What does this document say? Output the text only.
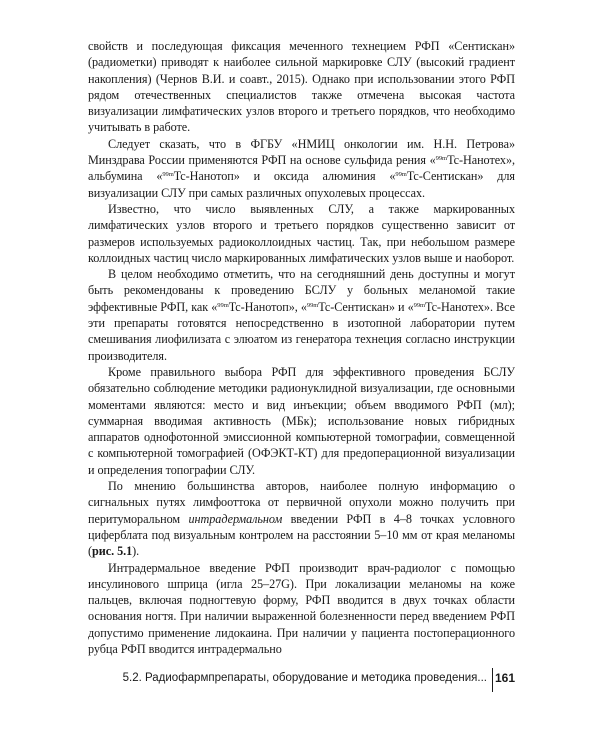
свойств и последующая фиксация меченного технецием РФП «Сентискан» (радиометки) приводят к наиболее сильной маркировке СЛУ (высокий градиент накопления) (Чернов В.И. и соавт., 2015). Однако при использовании этого РФП рядом отечественных специалистов также отмечена высокая частота визуализации лимфатических узлов второго и третьего порядков, что необходимо учитывать в работе.

Следует сказать, что в ФГБУ «НМИЦ онкологии им. Н.Н. Петрова» Минздрава России применяются РФП на основе сульфида рения «$^{99m}$Tc-Нанотех», альбумина «$^{99m}$Tc-Нанотоп» и оксида алюминия «$^{99m}$Tc-Сентискан» для визуализации СЛУ при самых различных опухолевых процессах.

Известно, что число выявленных СЛУ, а также маркированных лимфатических узлов второго и третьего порядков существенно зависит от размеров используемых радиоколлоидных частиц. Так, при небольшом размере коллоидных частиц число маркированных лимфатических узлов выше и наоборот.

В целом необходимо отметить, что на сегодняшний день доступны и могут быть рекомендованы к проведению БСЛУ у больных меланомой такие эффективные РФП, как «$^{99m}$Tc-Нанотоп», «$^{99m}$Tc-Сентискан» и «$^{99m}$Tc-Нанотех». Все эти препараты готовятся непосредственно в изотопной лаборатории путем смешивания лиофилизата с элюатом из генератора технеция согласно инструкции производителя.

Кроме правильного выбора РФП для эффективного проведения БСЛУ обязательно соблюдение методики радионуклидной визуализации, где основными моментами являются: место и вид инъекции; объем вводимого РФП (мл); суммарная вводимая активность (МБк); использование новых гибридных аппаратов однофотонной эмиссионной компьютерной томографии, совмещенной с компьютерной томографией (ОФЭКТ-КТ) для предоперационной визуализации и определения топографии СЛУ.

По мнению большинства авторов, наиболее полную информацию о сигнальных путях лимфооттока от первичной опухоли можно получить при перитуморальном интрадермальном введении РФП в 4–8 точках условного циферблата под визуальным контролем на расстоянии 5–10 мм от края меланомы (рис. 5.1).

Интрадермальное введение РФП производит врач-радиолог с помощью инсулинового шприца (игла 25–27G). При локализации меланомы на коже пальцев, включая подногтевую форму, РФП вводится в двух точках области основания ногтя. При наличии выраженной болезненности перед введением РФП допустимо применение лидокаина. При наличии у пациента постоперационного рубца РФП вводится интрадермально

5.2. Радиофармпрепараты, оборудование и методика проведения... 161
